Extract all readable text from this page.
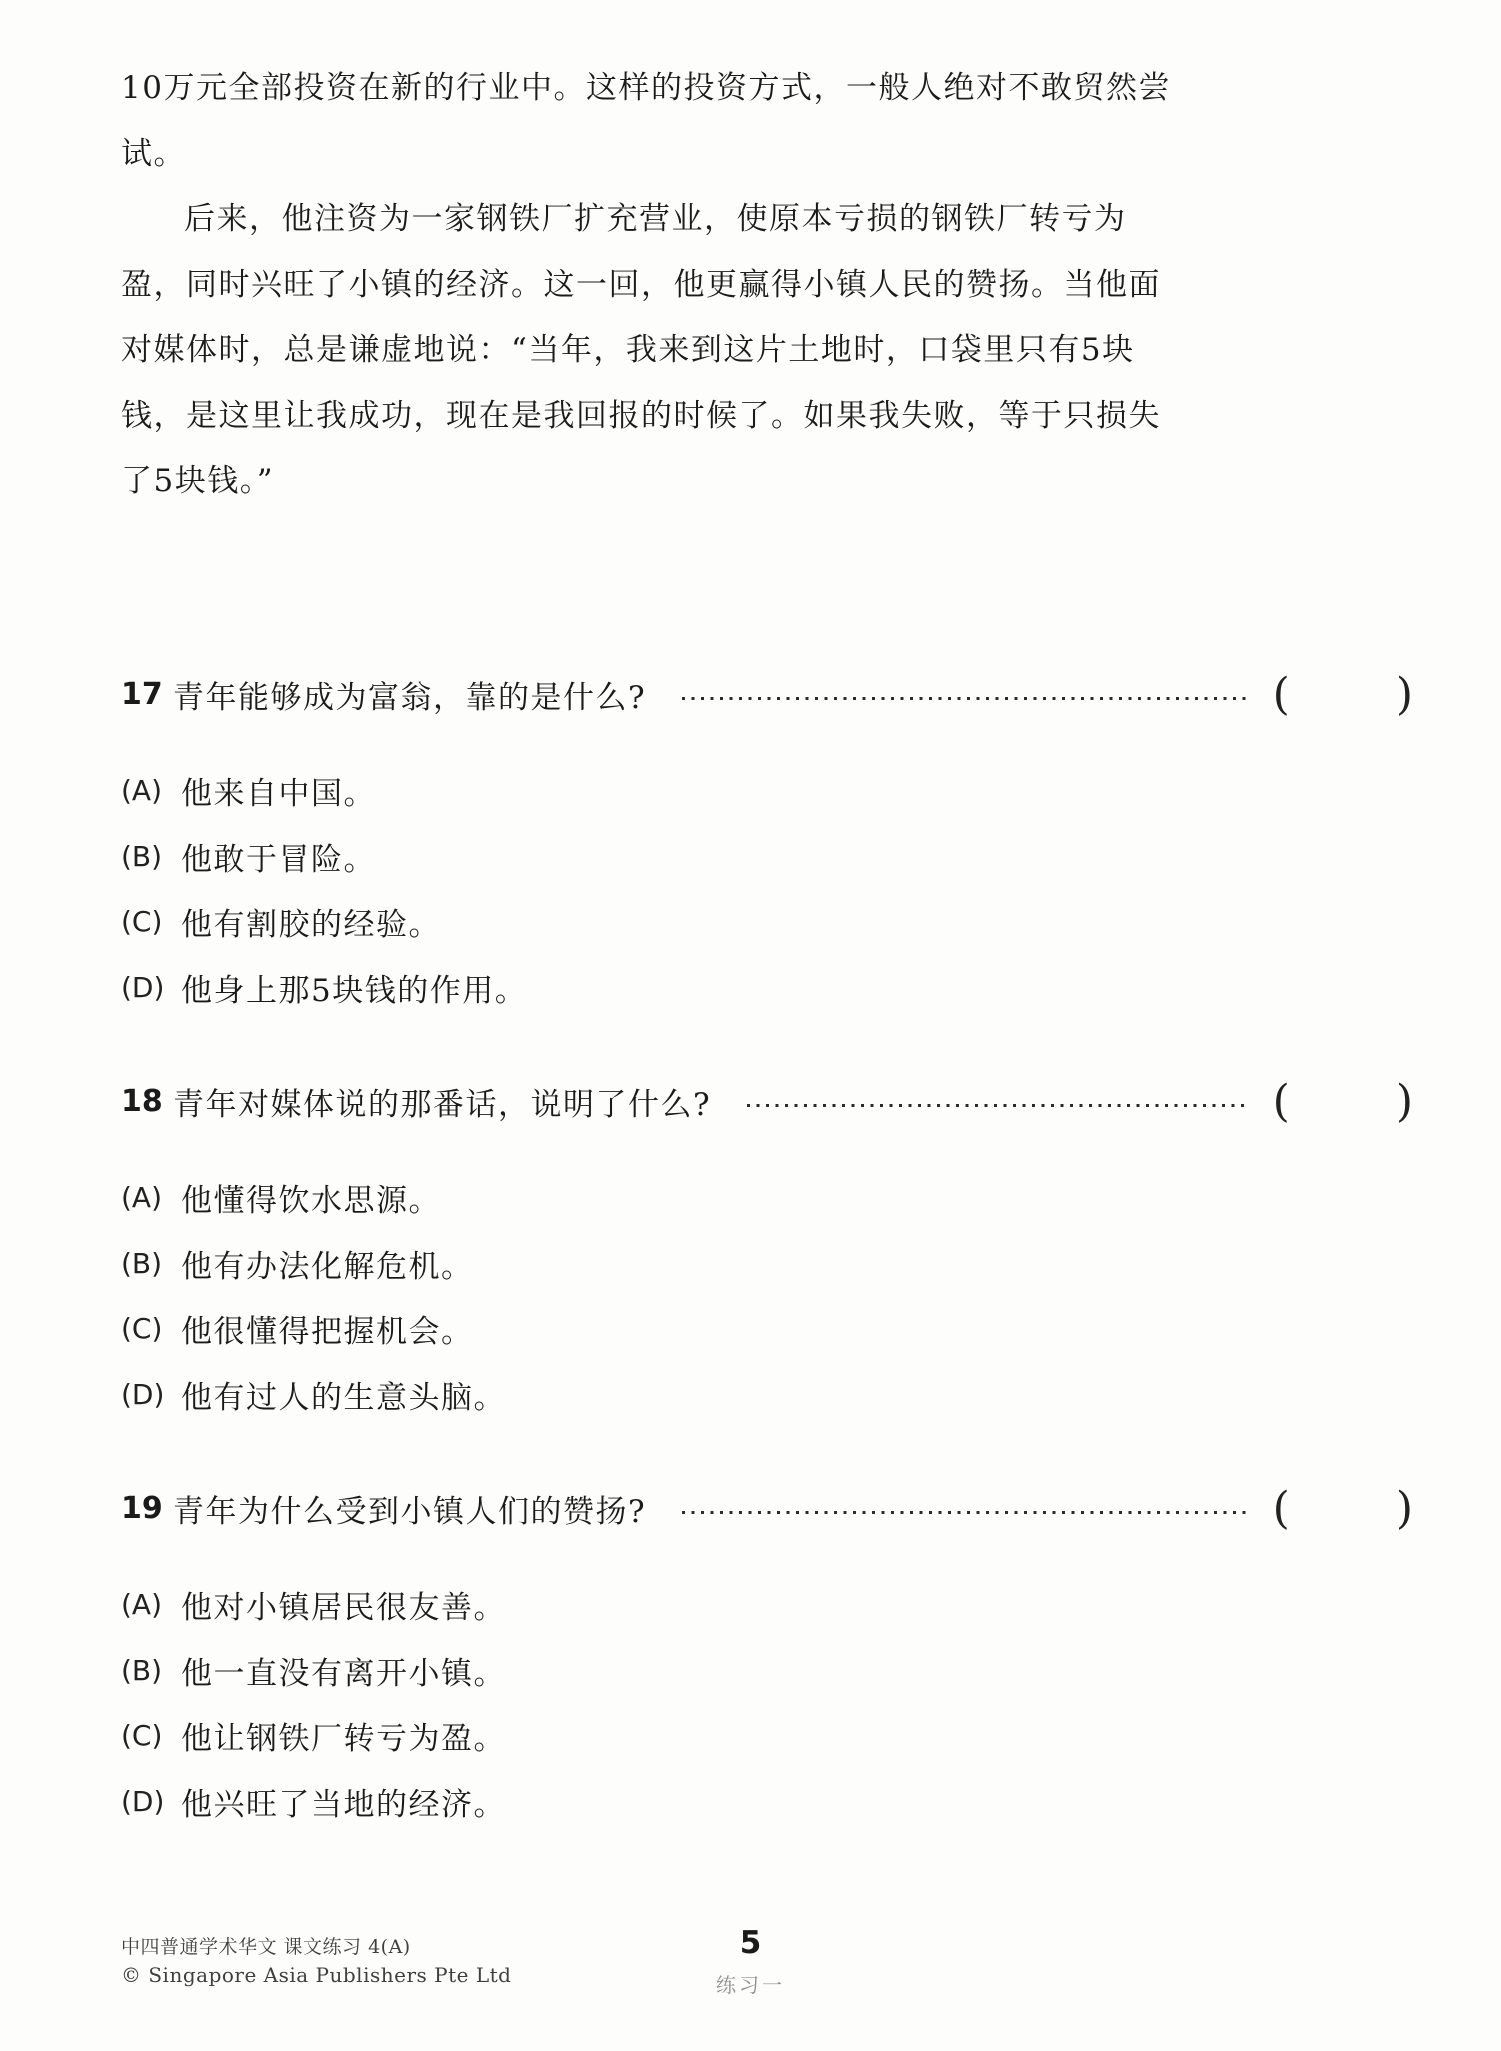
10万元全部投资在新的行业中。这样的投资方式，一般人绝对不敢贸然尝
试。
后来，他注资为一家钢铁厂扩充营业，使原本亏损的钢铁厂转亏为
盈，同时兴旺了小镇的经济。这一回，他更赢得小镇人民的赞扬。当他面
对媒体时，总是谦虚地说：“当年，我来到这片土地时，口袋里只有5块
钱，是这里让我成功，现在是我回报的时候了。如果我失败，等于只损失
了5块钱。”
17 青年能够成为富翁，靠的是什么?	( )
(A) 他来自中国。
(B) 他敢于冒险。
(C) 他有割胶的经验。
(D) 他身上那5块钱的作用。
18 青年对媒体说的那番话，说明了什么?	( )
(A) 他懂得饮水思源。
(B) 他有办法化解危机。
(C) 他很懂得把握机会。
(D) 他有过人的生意头脑。
19 青年为什么受到小镇人们的赞扬?	( )
(A) 他对小镇居民很友善。
(B) 他一直没有离开小镇。
(C) 他让钢铁厂转亏为盈。
(D) 他兴旺了当地的经济。
中四普通学术华文 课文练习 4(A)
© Singapore Asia Publishers Pte Ltd
5
练习一
